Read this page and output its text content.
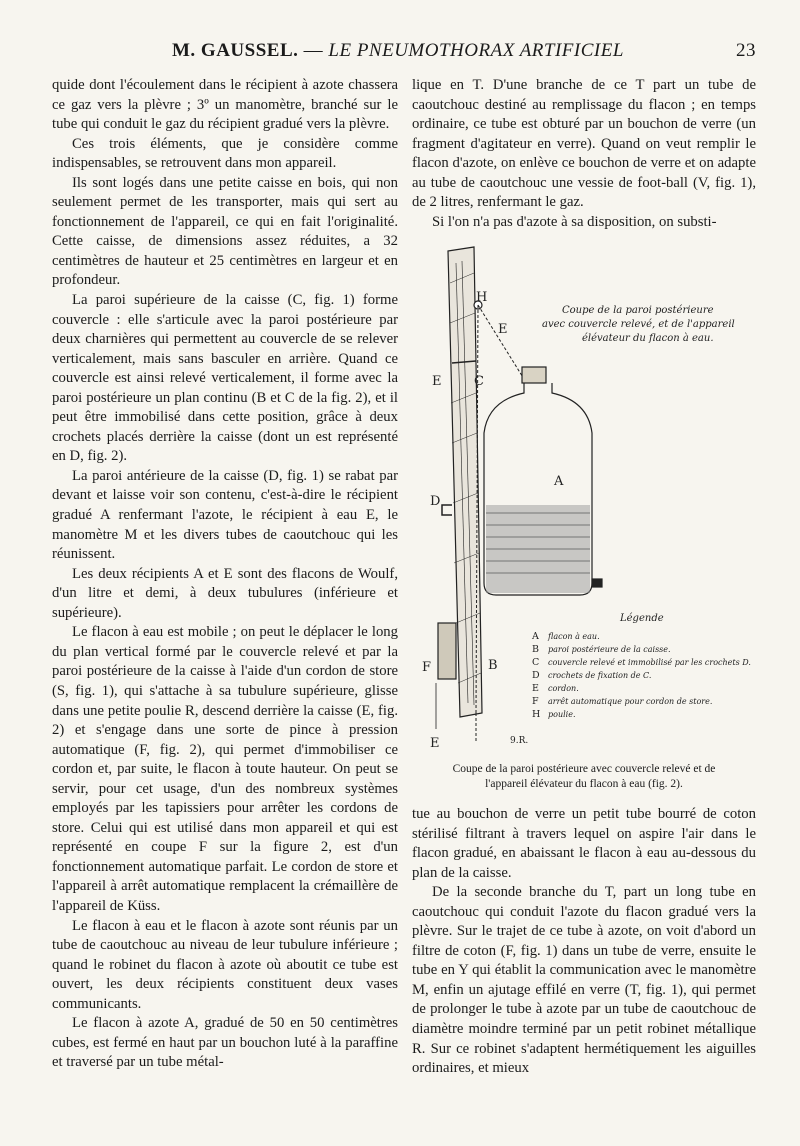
M. GAUSSEL. — LE PNEUMOTHORAX ARTIFICIEL	23

quide dont l'écoulement dans le récipient à azote chassera ce gaz vers la plèvre ; 3º un manomètre, branché sur le tube qui conduit le gaz du récipient gradué vers la plèvre.

Ces trois éléments, que je considère comme indispensables, se retrouvent dans mon appareil.

Ils sont logés dans une petite caisse en bois, qui non seulement permet de les transporter, mais qui sert au fonctionnement de l'appareil, ce qui en fait l'originalité. Cette caisse, de dimensions assez réduites, a 32 centimètres de hauteur et 25 centimètres en largeur et en profondeur.

La paroi supérieure de la caisse (C, fig. 1) forme couvercle : elle s'articule avec la paroi postérieure par deux charnières qui permettent au couvercle de se relever verticalement, mais sans basculer en arrière. Quand ce couvercle est ainsi relevé verticalement, il forme avec la paroi postérieure un plan continu (B et C de la fig. 2), et il peut être immobilisé dans cette position, grâce à deux crochets placés derrière la caisse (dont un est représenté en D, fig. 2).

La paroi antérieure de la caisse (D, fig. 1) se rabat par devant et laisse voir son contenu, c'est-à-dire le récipient gradué A renfermant l'azote, le récipient à eau E, le manomètre M et les divers tubes de caoutchouc qui les réunissent.

Les deux récipients A et E sont des flacons de Woulf, d'un litre et demi, à deux tubulures (inférieure et supérieure).

Le flacon à eau est mobile ; on peut le déplacer le long du plan vertical formé par le couvercle relevé et par la paroi postérieure de la caisse à l'aide d'un cordon de store (S, fig. 1), qui s'attache à sa tubulure supérieure, glisse dans une petite poulie R, descend derrière la caisse (E, fig. 2) et s'engage dans une sorte de pince à pression automatique (F, fig. 2), qui permet d'immobiliser ce cordon et, par suite, le flacon à toute hauteur. On peut se servir, pour cet usage, d'un des nombreux systèmes employés par les tapissiers pour arrêter les cordons de store. Celui qui est utilisé dans mon appareil et qui est représenté en coupe F sur la figure 2, est d'un fonctionnement automatique parfait. Le cordon de store et l'appareil à arrêt automatique remplacent la crémaillère de l'appareil de Küss.

Le flacon à eau et le flacon à azote sont réunis par un tube de caoutchouc au niveau de leur tubulure inférieure ; quand le robinet du flacon à azote où aboutit ce tube est ouvert, les deux récipients constituent deux vases communicants.

Le flacon à azote A, gradué de 50 en 50 centimètres cubes, est fermé en haut par un bouchon luté à la paraffine et traversé par un tube métal-

lique en T. D'une branche de ce T part un tube de caoutchouc destiné au remplissage du flacon ; en temps ordinaire, ce tube est obturé par un bouchon de verre (un fragment d'agitateur en verre). Quand on veut remplir le flacon d'azote, on enlève ce bouchon de verre et on adapte au tube de caoutchouc une vessie de foot-ball (V, fig. 1), de 2 litres, renfermant le gaz.

Si l'on n'a pas d'azote à sa disposition, on substi-

H
E
C
E
D
A
F	B
E	9.R.
Coupe de la paroi postérieure
avec couvercle relevé, et de l'appareil
élévateur du flacon à eau.
Légende
A flacon à eau.
B paroi postérieure de la caisse.
C couvercle relevé et immobilisé par les crochets D.
D crochets de fixation de C.
E cordon.
F arrêt automatique pour cordon de store.
H poulie.
Coupe de la paroi postérieure avec couvercle relevé et de
l'appareil élévateur du flacon à eau (fig. 2).

tue au bouchon de verre un petit tube bourré de coton stérilisé filtrant à travers lequel on aspire l'air dans le flacon gradué, en abaissant le flacon à eau au-dessous du plan de la caisse.

De la seconde branche du T, part un long tube en caoutchouc qui conduit l'azote du flacon gradué vers la plèvre. Sur le trajet de ce tube à azote, on voit d'abord un filtre de coton (F, fig. 1) dans un tube de verre, ensuite le tube en Y qui établit la communication avec le manomètre M, enfin un ajutage effilé en verre (T, fig. 1), qui permet de prolonger le tube à azote par un tube de caoutchouc de diamètre moindre terminé par un petit robinet métallique R. Sur ce robinet s'adaptent hermétiquement les aiguilles ordinaires, et mieux
